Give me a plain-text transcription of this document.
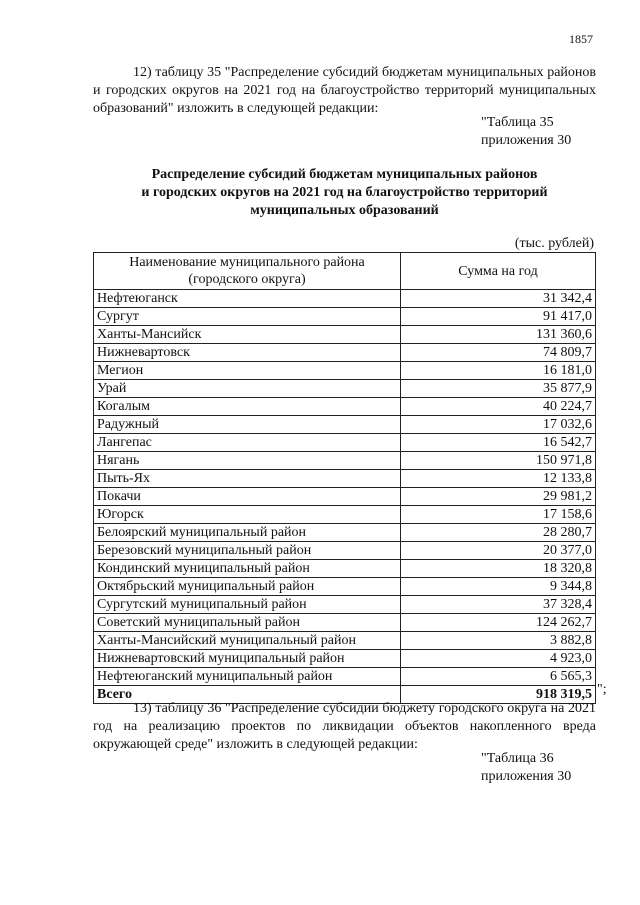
1857
12) таблицу 35 "Распределение субсидий бюджетам муниципальных районов и городских округов на 2021 год на благоустройство территорий муниципальных образований" изложить в следующей редакции:
"Таблица 35
приложения 30
Распределение субсидий бюджетам муниципальных районов
и городских округов на 2021 год на благоустройство территорий
муниципальных образований
(тыс. рублей)
Наименование муниципального района (городского округа)	Сумма на год
Нефтеюганск	31 342,4
Сургут	91 417,0
Ханты-Мансийск	131 360,6
Нижневартовск	74 809,7
Мегион	16 181,0
Урай	35 877,9
Когалым	40 224,7
Радужный	17 032,6
Лангепас	16 542,7
Нягань	150 971,8
Пыть-Ях	12 133,8
Покачи	29 981,2
Югорск	17 158,6
Белоярский муниципальный район	28 280,7
Березовский муниципальный район	20 377,0
Кондинский муниципальный район	18 320,8
Октябрьский муниципальный район	9 344,8
Сургутский муниципальный район	37 328,4
Советский муниципальный район	124 262,7
Ханты-Мансийский муниципальный район	3 882,8
Нижневартовский муниципальный район	4 923,0
Нефтеюганский муниципальный район	6 565,3
Всего	918 319,5 ";
13) таблицу 36 "Распределение субсидии бюджету городского округа на 2021 год на реализацию проектов по ликвидации объектов накопленного вреда окружающей среде" изложить в следующей редакции:
"Таблица 36
приложения 30
